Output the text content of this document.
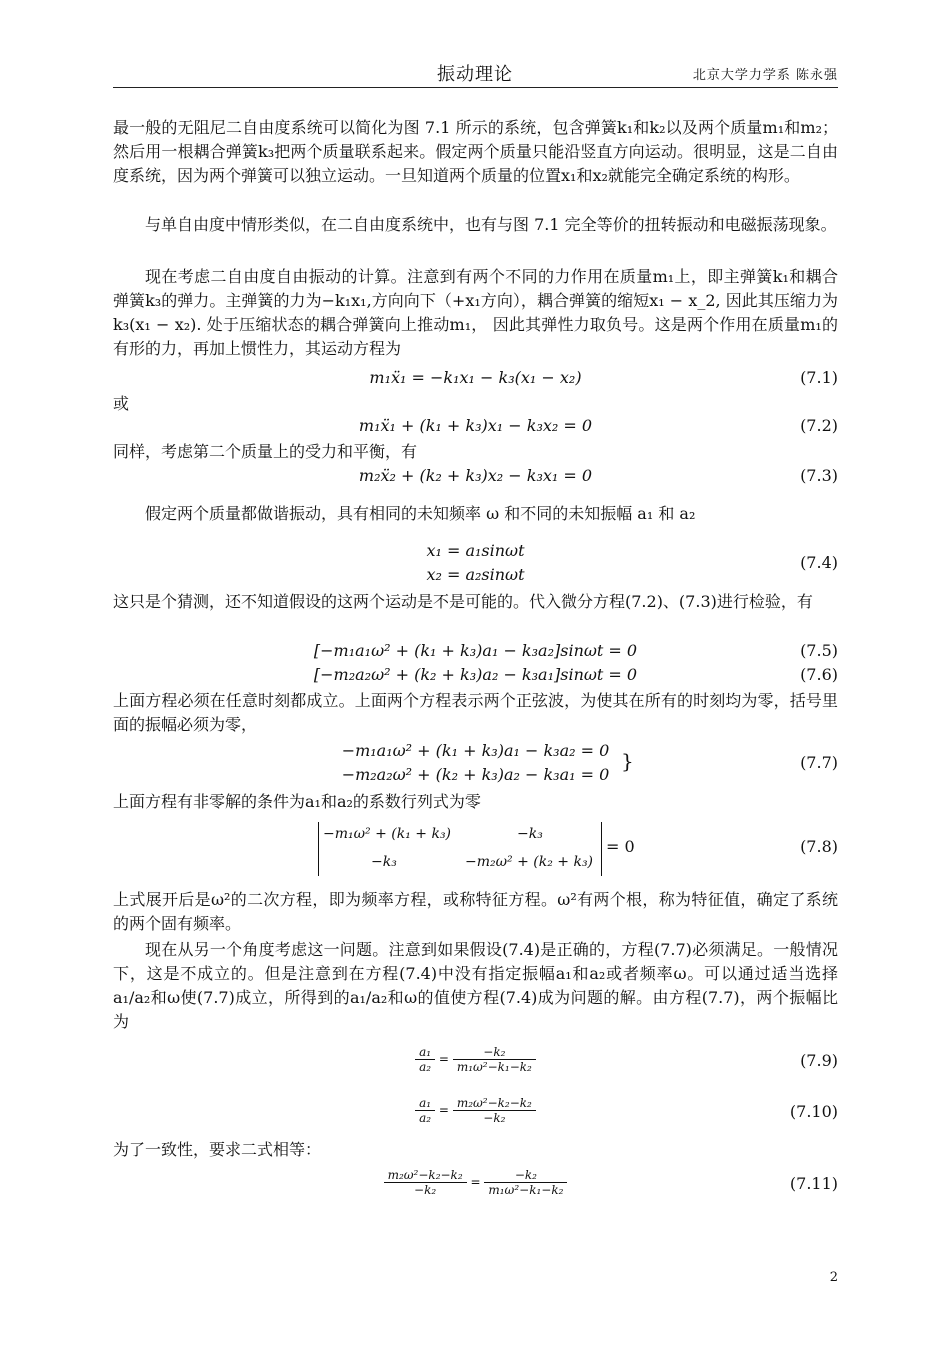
振动理论	北京大学力学系 陈永强
最一般的无阻尼二自由度系统可以简化为图 7.1 所示的系统，包含弹簧k₁和k₂以及两个质量m₁和m₂；然后用一根耦合弹簧k₃把两个质量联系起来。假定两个质量只能沿竖直方向运动。很明显，这是二自由度系统，因为两个弹簧可以独立运动。一旦知道两个质量的位置x₁和x₂就能完全确定系统的构形。
与单自由度中情形类似，在二自由度系统中，也有与图 7.1 完全等价的扭转振动和电磁振荡现象。
现在考虑二自由度自由振动的计算。注意到有两个不同的力作用在质量m₁上，即主弹簧k₁和耦合弹簧k₃的弹力。主弹簧的力为−k₁x₁,方向向下（+x₁方向），耦合弹簧的缩短x₁ − x_2, 因此其压缩力为k₃(x₁ − x₂). 处于压缩状态的耦合弹簧向上推动m₁， 因此其弹性力取负号。这是两个作用在质量m₁的有形的力，再加上惯性力，其运动方程为
m₁ẍ₁ = −k₁x₁ − k₃(x₁ − x₂)	(7.1)
或
m₁ẍ₁ + (k₁ + k₃)x₁ − k₃x₂ = 0	(7.2)
同样，考虑第二个质量上的受力和平衡，有
m₂ẍ₂ + (k₂ + k₃)x₂ − k₃x₁ = 0	(7.3)
假定两个质量都做谐振动，具有相同的未知频率 ω 和不同的未知振幅 a₁ 和 a₂
x₁ = a₁sinωt
x₂ = a₂sinωt
(7.4)
这只是个猜测，还不知道假设的这两个运动是不是可能的。代入微分方程(7.2)、(7.3)进行检验，有
[−m₁a₁ω² + (k₁ + k₃)a₁ − k₃a₂]sinωt = 0	(7.5)
[−m₂a₂ω² + (k₂ + k₃)a₂ − k₃a₁]sinωt = 0	(7.6)
上面方程必须在任意时刻都成立。上面两个方程表示两个正弦波，为使其在所有的时刻均为零，括号里面的振幅必须为零，
−m₁a₁ω² + (k₁ + k₃)a₁ − k₃a₂ = 0
−m₂a₂ω² + (k₂ + k₃)a₂ − k₃a₁ = 0
}	(7.7)
上面方程有非零解的条件为a₁和a₂的系数行列式为零
−m₁ω² + (k₁ + k₃)	−k₃
−k₃	−m₂ω² + (k₂ + k₃)
= 0	(7.8)
上式展开后是ω²的二次方程，即为频率方程，或称特征方程。ω²有两个根，称为特征值，确定了系统的两个固有频率。
现在从另一个角度考虑这一问题。注意到如果假设(7.4)是正确的，方程(7.7)必须满足。一般情况下，这是不成立的。但是注意到在方程(7.4)中没有指定振幅a₁和a₂或者频率ω。可以通过适当选择a₁/a₂和ω使(7.7)成立，所得到的a₁/a₂和ω的值使方程(7.4)成为问题的解。由方程(7.7)，两个振幅比为
$\frac{\text{a₁}}{\text{a₂}} = \frac{\text{−k₂}}{\text{m₁ω²−k₁−k₂}}$	(7.9)
$\frac{\text{a₁}}{\text{a₂}} = \frac{\text{m₂ω²−k₂−k₂}}{\text{−k₂}}$	(7.10)
为了一致性，要求二式相等：
$\frac{\text{m₂ω²−k₂−k₂}}{\text{−k₂}} = \frac{\text{−k₂}}{\text{m₁ω²−k₁−k₂}}$	(7.11)
2
